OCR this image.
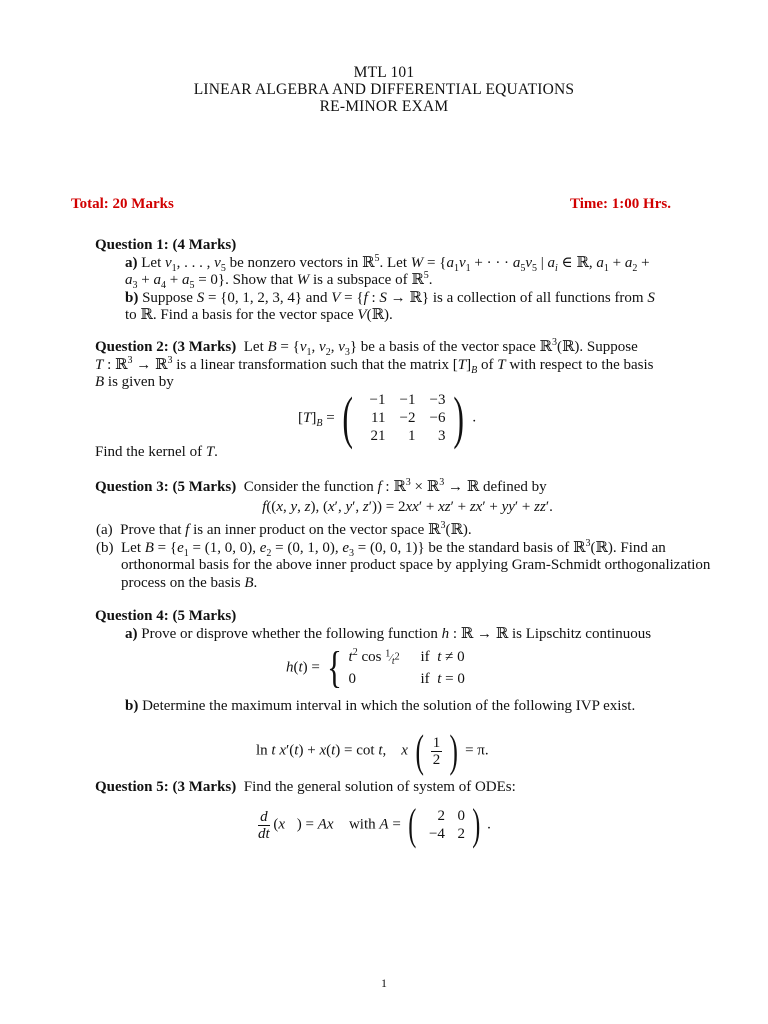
MTL 101
LINEAR ALGEBRA AND DIFFERENTIAL EQUATIONS
RE-MINOR EXAM
Total: 20 Marks	Time: 1:00 Hrs.
Question 1: (4 Marks)
a) Let $v_1$, . . . , $v_5$ be nonzero vectors in ℝ$^5$. Let $W = \{a_1v_1$ + · · · $a_5v_5$ | $a_i$ ∈ ℝ, $a_1 + a_2$ +
$a_3 + a_4 + a_5 = 0$}. Show that W is a subspace of ℝ$^5$.
b) Suppose S = {0, 1, 2, 3, 4} and V = {f : S → ℝ} is a collection of all functions from S
to ℝ. Find a basis for the vector space V(ℝ).
Question 2: (3 Marks)  Let $B = \{v_1$, $v_2$, $v_3$} be a basis of the vector space ℝ$^3$(ℝ). Suppose
T : ℝ$^3$ → ℝ$^3$ is a linear transformation such that the matrix $[T]_B$ of T with respect to the basis
B is given by
$[T]_B$ = (	−1 −1 −3
11 −2 −6
21	1	3 ) .
Find the kernel of T.
Question 3: (5 Marks)  Consider the function f : ℝ$^3$ × ℝ$^3$ → ℝ defined by
f((x, y, z), (x′, y′, z′)) = 2xx′ + xz′ + zx′ + yy′ + zz′.
(a)  Prove that f is an inner product on the vector space ℝ$^3$(ℝ).
(b)  Let $B = \{e_1 = (1$, 0, 0), $e_2 = (0$, 1, 0), $e_3 = (0$, 0, 1)} be the standard basis of ℝ$^3$(ℝ). Find an orthonormal basis for the above inner product space by applying Gram-Schmidt orthogonalization process on the basis B.
Question 4: (5 Marks)
a) Prove or disprove whether the following function h : ℝ → ℝ is Lipschitz continuous
h(t) = { $t^2$ $\cos ^1⁄_{t^2}$	if  t ≠ 0
0	if  t = 0
b) Determine the maximum interval in which the solution of the following IVP exist.
ln t x′(t) + x(t) = cot t,    x ( $\frac{1}{2}$ ) = π.
Question 5: (3 Marks) Find the general solution of system of ODEs:
$\frac{d}{dt}$ (x⃗) = Ax⃗ with A = (	2 0
−4 2 ) .
1
